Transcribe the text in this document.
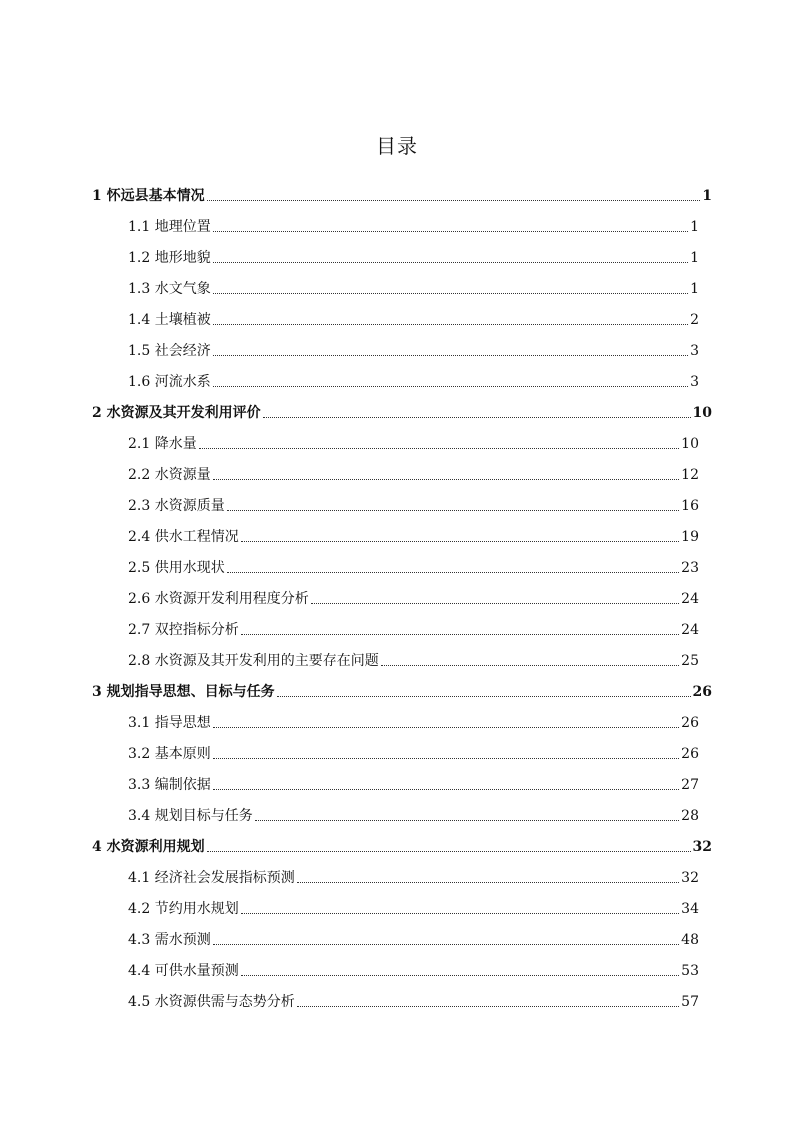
目录
1 怀远县基本情况	1
1.1 地理位置	1
1.2 地形地貌	1
1.3 水文气象	1
1.4 土壤植被	2
1.5 社会经济	3
1.6 河流水系	3
2 水资源及其开发利用评价	10
2.1 降水量	10
2.2 水资源量	12
2.3 水资源质量	16
2.4 供水工程情况	19
2.5 供用水现状	23
2.6 水资源开发利用程度分析	24
2.7 双控指标分析	24
2.8 水资源及其开发利用的主要存在问题	25
3 规划指导思想、目标与任务	26
3.1 指导思想	26
3.2 基本原则	26
3.3 编制依据	27
3.4 规划目标与任务	28
4 水资源利用规划	32
4.1 经济社会发展指标预测	32
4.2 节约用水规划	34
4.3 需水预测	48
4.4 可供水量预测	53
4.5 水资源供需与态势分析	57
